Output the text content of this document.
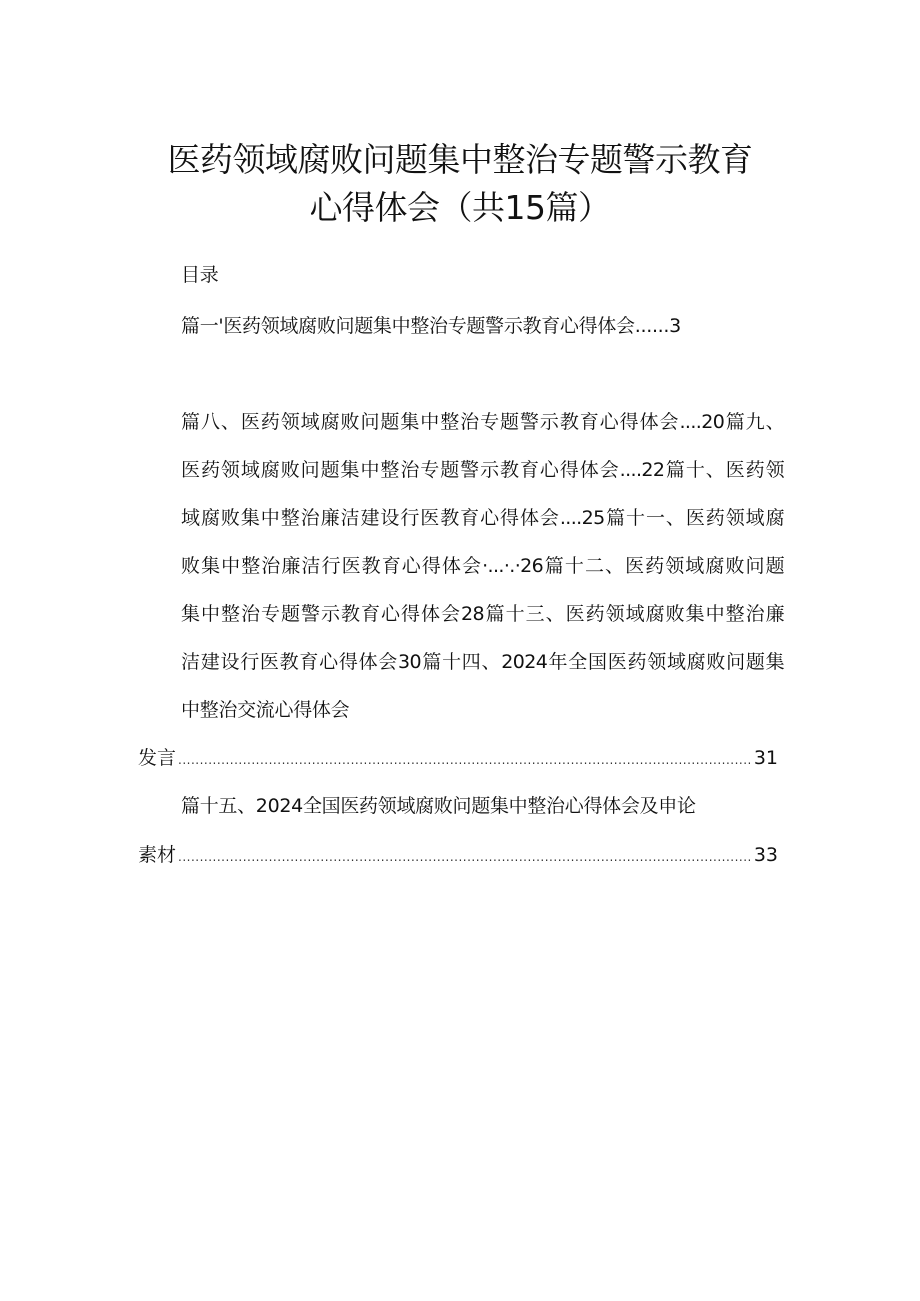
医药领域腐败问题集中整治专题警示教育
心得体会（共15篇）
目录
篇一'医药领域腐败问题集中整治专题警示教育心得体会......3
篇八、医药领域腐败问题集中整治专题警示教育心得体会....20篇九、
医药领域腐败问题集中整治专题警示教育心得体会....22篇十、医药领
域腐败集中整治廉洁建设行医教育心得体会....25篇十一、医药领域腐
败集中整治廉洁行医教育心得体会·...·.·26篇十二、医药领域腐败问题
集中整治专题警示教育心得体会28篇十三、医药领域腐败集中整治廉
洁建设行医教育心得体会30篇十四、2024年全国医药领域腐败问题集
中整治交流心得体会
发言 .....	31
篇十五、2024全国医药领域腐败问题集中整治心得体会及申论
素材 .....	33
